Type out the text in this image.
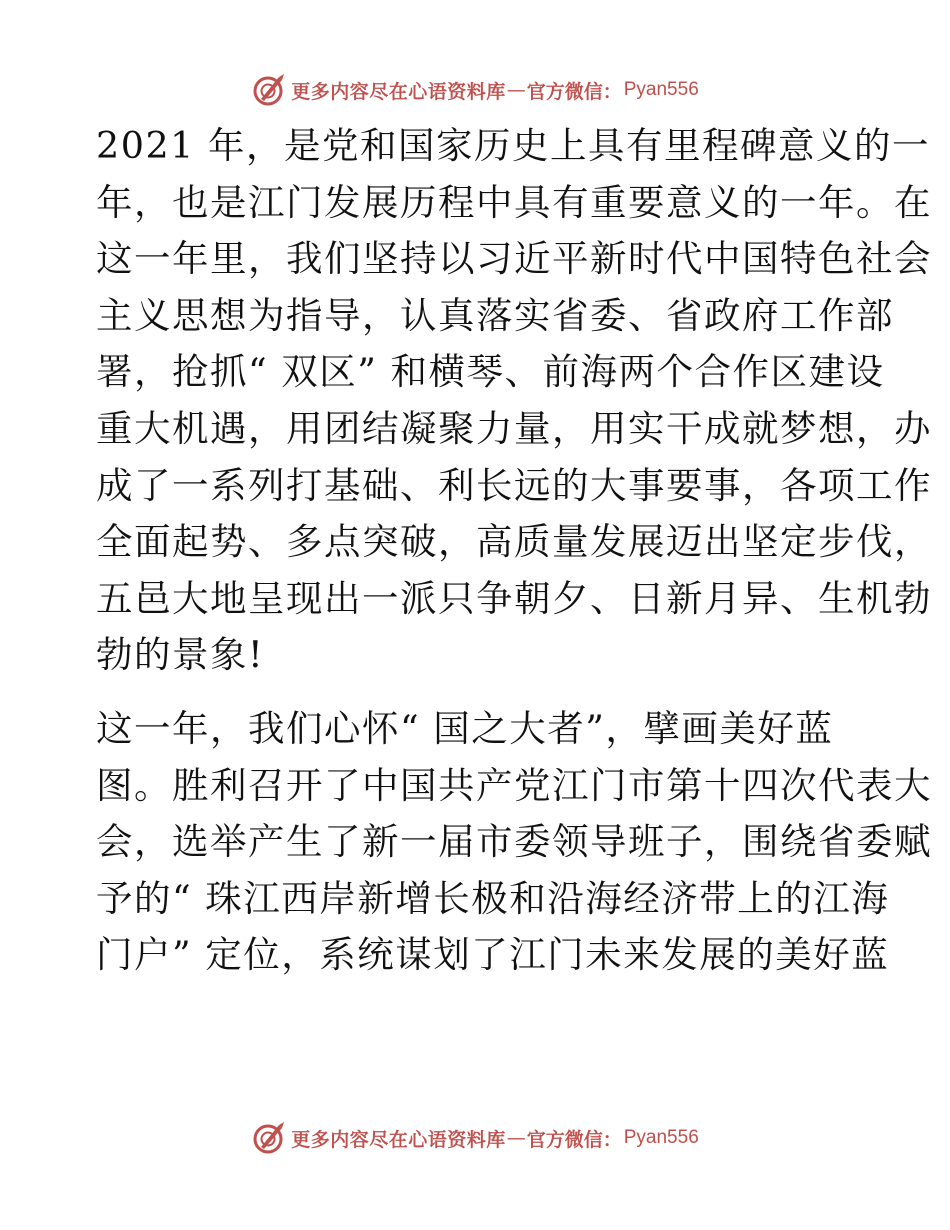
更多内容尽在心语资料库 — 官方微信： Pyan556

2021 年，是党和国家历史上具有里程碑意义的一
年，也是江门发展历程中具有重要意义的一年。在
这一年里，我们坚持以习近平新时代中国特色社会
主义思想为指导，认真落实省委、省政府工作部
署，抢抓“ 双区” 和横琴、前海两个合作区建设
重大机遇，用团结凝聚力量，用实干成就梦想，办
成了一系列打基础、利长远的大事要事，各项工作
全面起势、多点突破，高质量发展迈出坚定步伐，
五邑大地呈现出一派只争朝夕、日新月异、生机勃
勃的景象!

这一年，我们心怀“ 国之大者”，擘画美好蓝
图。胜利召开了中国共产党江门市第十四次代表大
会，选举产生了新一届市委领导班子，围绕省委赋
予的“ 珠江西岸新增长极和沿海经济带上的江海
门户” 定位，系统谋划了江门未来发展的美好蓝

更多内容尽在心语资料库 — 官方微信： Pyan556
